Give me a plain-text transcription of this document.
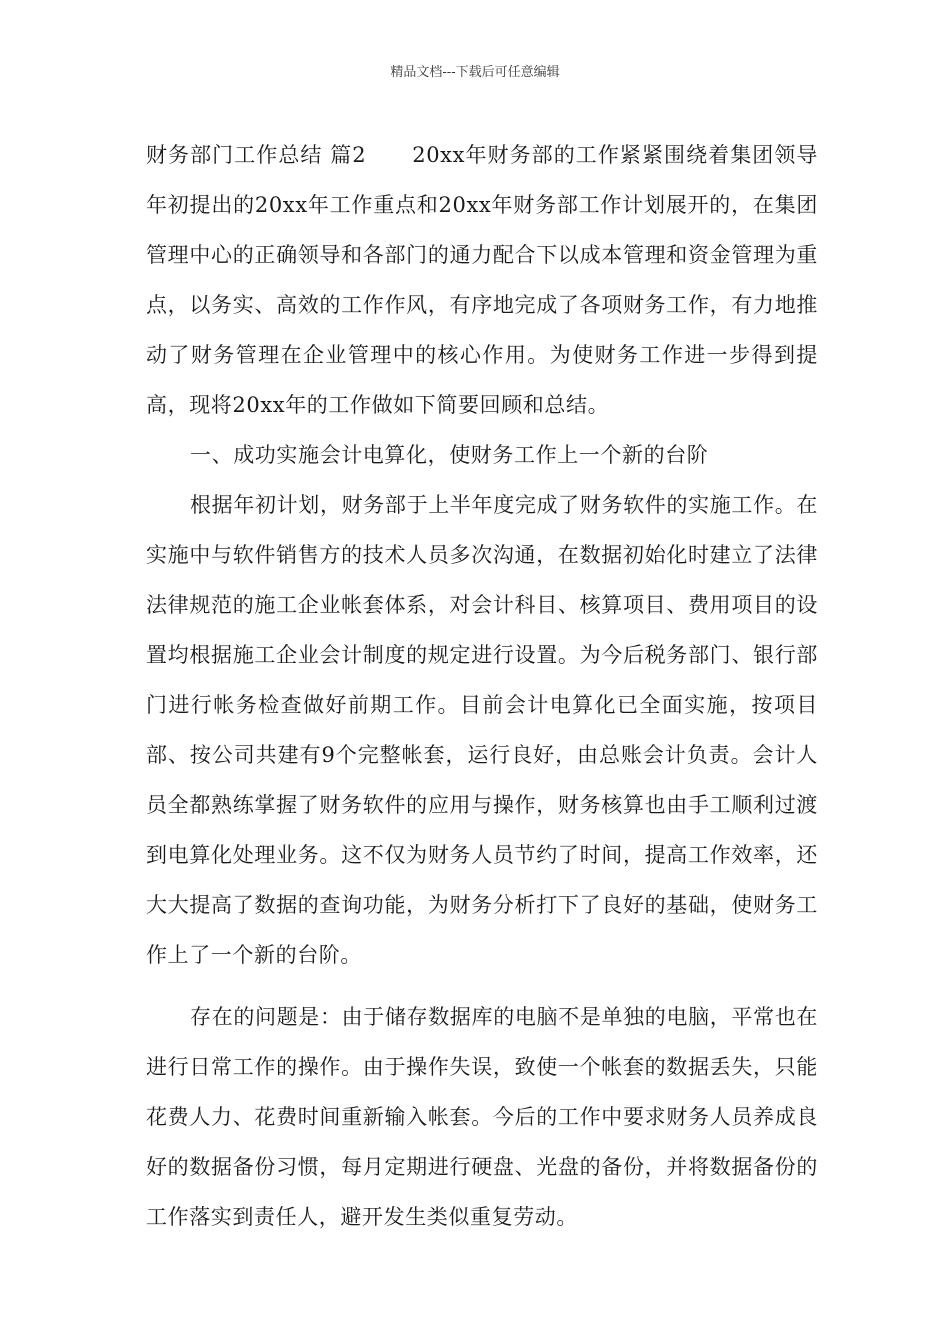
精品文档---下载后可任意编辑

财务部门工作总结 篇2 20xx年财务部的工作紧紧围绕着集团领导年初提出的20xx年工作重点和20xx年财务部工作计划展开的，在集团管理中心的正确领导和各部门的通力配合下以成本管理和资金管理为重点，以务实、高效的工作作风，有序地完成了各项财务工作，有力地推动了财务管理在企业管理中的核心作用。为使财务工作进一步得到提高，现将20xx年的工作做如下简要回顾和总结。

一、成功实施会计电算化，使财务工作上一个新的台阶

根据年初计划，财务部于上半年度完成了财务软件的实施工作。在实施中与软件销售方的技术人员多次沟通，在数据初始化时建立了法律法律规范的施工企业帐套体系，对会计科目、核算项目、费用项目的设置均根据施工企业会计制度的规定进行设置。为今后税务部门、银行部门进行帐务检查做好前期工作。目前会计电算化已全面实施，按项目部、按公司共建有9个完整帐套，运行良好，由总账会计负责。会计人员全都熟练掌握了财务软件的应用与操作，财务核算也由手工顺利过渡到电算化处理业务。这不仅为财务人员节约了时间，提高工作效率，还大大提高了数据的查询功能，为财务分析打下了良好的基础，使财务工作上了一个新的台阶。

存在的问题是：由于储存数据库的电脑不是单独的电脑，平常也在进行日常工作的操作。由于操作失误，致使一个帐套的数据丢失，只能花费人力、花费时间重新输入帐套。今后的工作中要求财务人员养成良好的数据备份习惯，每月定期进行硬盘、光盘的备份，并将数据备份的工作落实到责任人，避开发生类似重复劳动。
